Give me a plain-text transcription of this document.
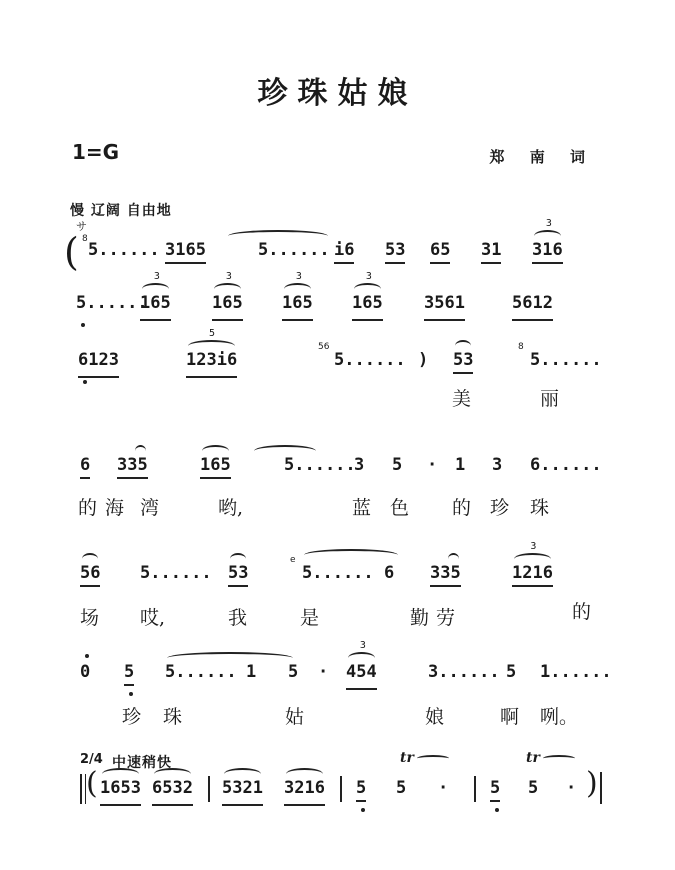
珍珠姑娘
1=G	郑 南 词
慢 辽阔 自由地
サ
( 8
5...... 3165	5...... i6 53 65 31 316
3
5......
165
3
165
3
165
3
165
3
3561	5612
6123	123i6
5
56
5...... ) 53
8
5......
美	丽
6 335	165	5......
3 5 · 1 3 6......
的 海 湾	哟,	蓝 色 的 珍 珠
56 5...... 53
e
5...... 6 335	1216
3
场 哎,	我	是	勤 劳	的
0 5 5...... 1 5 · 454
3
3...... 5 1......
珍 珠	姑	娘	啊 咧。
2/4 中速稍快	tr	tr
( 1653 6532 5321 3216 5 5 · 5 5 · )
